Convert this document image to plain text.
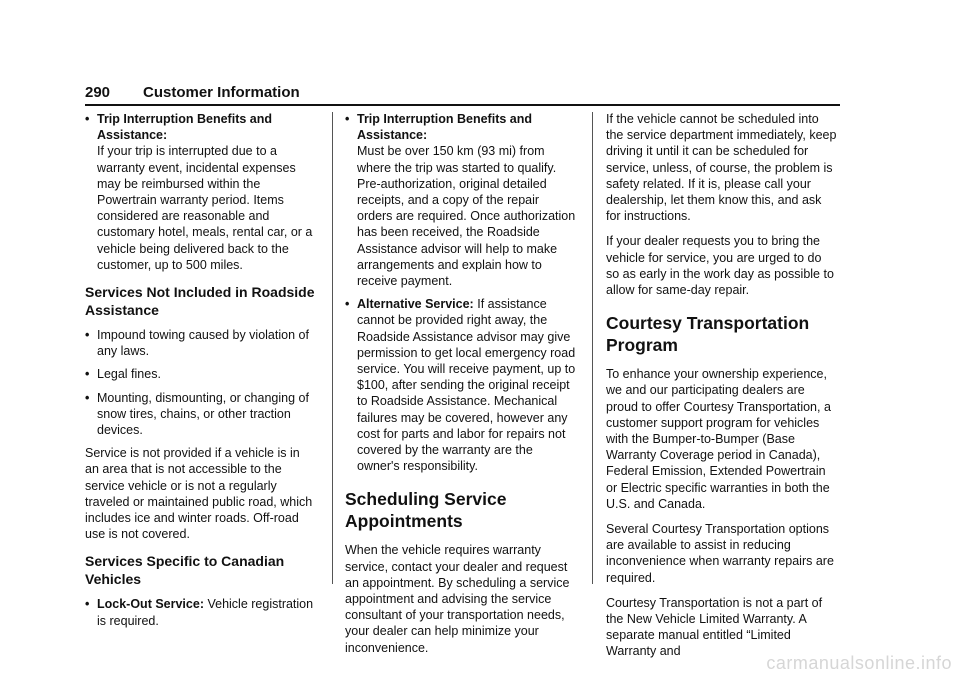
290 Customer Information
• Trip Interruption Benefits and Assistance:
If your trip is interrupted due to a warranty event, incidental expenses may be reimbursed within the Powertrain warranty period. Items considered are reasonable and customary hotel, meals, rental car, or a vehicle being delivered back to the customer, up to 500 miles.
Services Not Included in Roadside Assistance
• Impound towing caused by violation of any laws.
• Legal fines.
• Mounting, dismounting, or changing of snow tires, chains, or other traction devices.

Service is not provided if a vehicle is in an area that is not accessible to the service vehicle or is not a regularly traveled or maintained public road, which includes ice and winter roads. Off-road use is not covered.

Services Specific to Canadian Vehicles
• Lock-Out Service: Vehicle registration is required.
• Trip Interruption Benefits and Assistance:
Must be over 150 km (93 mi) from where the trip was started to qualify. Pre-authorization, original detailed receipts, and a copy of the repair orders are required. Once authorization has been received, the Roadside Assistance advisor will help to make arrangements and explain how to receive payment.
• Alternative Service: If assistance cannot be provided right away, the Roadside Assistance advisor may give permission to get local emergency road service. You will receive payment, up to $100, after sending the original receipt to Roadside Assistance. Mechanical failures may be covered, however any cost for parts and labor for repairs not covered by the warranty are the owner's responsibility.
Scheduling Service Appointments

When the vehicle requires warranty service, contact your dealer and request an appointment. By scheduling a service appointment and advising the service consultant of your transportation needs, your dealer can help minimize your inconvenience.

If the vehicle cannot be scheduled into the service department immediately, keep driving it until it can be scheduled for service, unless, of course, the problem is safety related. If it is, please call your dealership, let them know this, and ask for instructions.

If your dealer requests you to bring the vehicle for service, you are urged to do so as early in the work day as possible to allow for same-day repair.

Courtesy Transportation Program

To enhance your ownership experience, we and our participating dealers are proud to offer Courtesy Transportation, a customer support program for vehicles with the Bumper-to-Bumper (Base Warranty Coverage period in Canada), Federal Emission, Extended Powertrain or Electric specific warranties in both the U.S. and Canada.

Several Courtesy Transportation options are available to assist in reducing inconvenience when warranty repairs are required.

Courtesy Transportation is not a part of the New Vehicle Limited Warranty. A separate manual entitled “Limited Warranty and

carmanualsonline.info
